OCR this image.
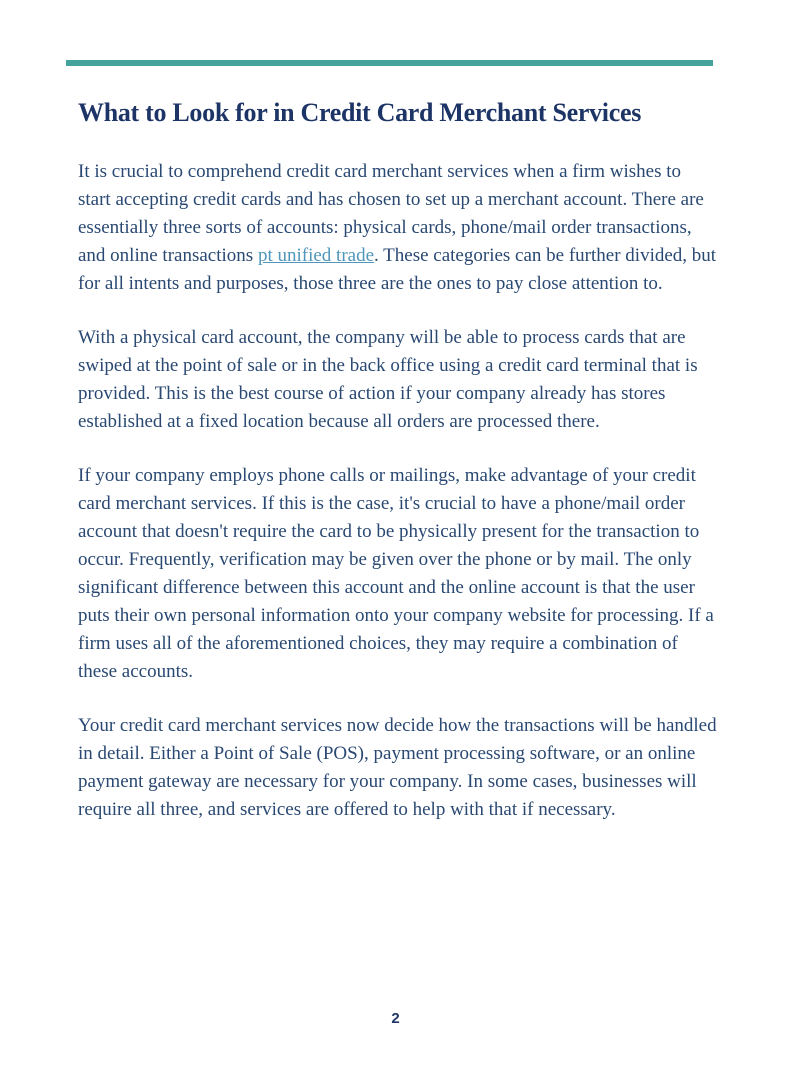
What to Look for in Credit Card Merchant Services

It is crucial to comprehend credit card merchant services when a firm wishes to start accepting credit cards and has chosen to set up a merchant account. There are essentially three sorts of accounts: physical cards, phone/mail order transactions, and online transactions pt unified trade. These categories can be further divided, but for all intents and purposes, those three are the ones to pay close attention to.

With a physical card account, the company will be able to process cards that are swiped at the point of sale or in the back office using a credit card terminal that is provided. This is the best course of action if your company already has stores established at a fixed location because all orders are processed there.

If your company employs phone calls or mailings, make advantage of your credit card merchant services. If this is the case, it's crucial to have a phone/mail order account that doesn't require the card to be physically present for the transaction to occur. Frequently, verification may be given over the phone or by mail. The only significant difference between this account and the online account is that the user puts their own personal information onto your company website for processing. If a firm uses all of the aforementioned choices, they may require a combination of these accounts.

Your credit card merchant services now decide how the transactions will be handled in detail. Either a Point of Sale (POS), payment processing software, or an online payment gateway are necessary for your company. In some cases, businesses will require all three, and services are offered to help with that if necessary.

2
